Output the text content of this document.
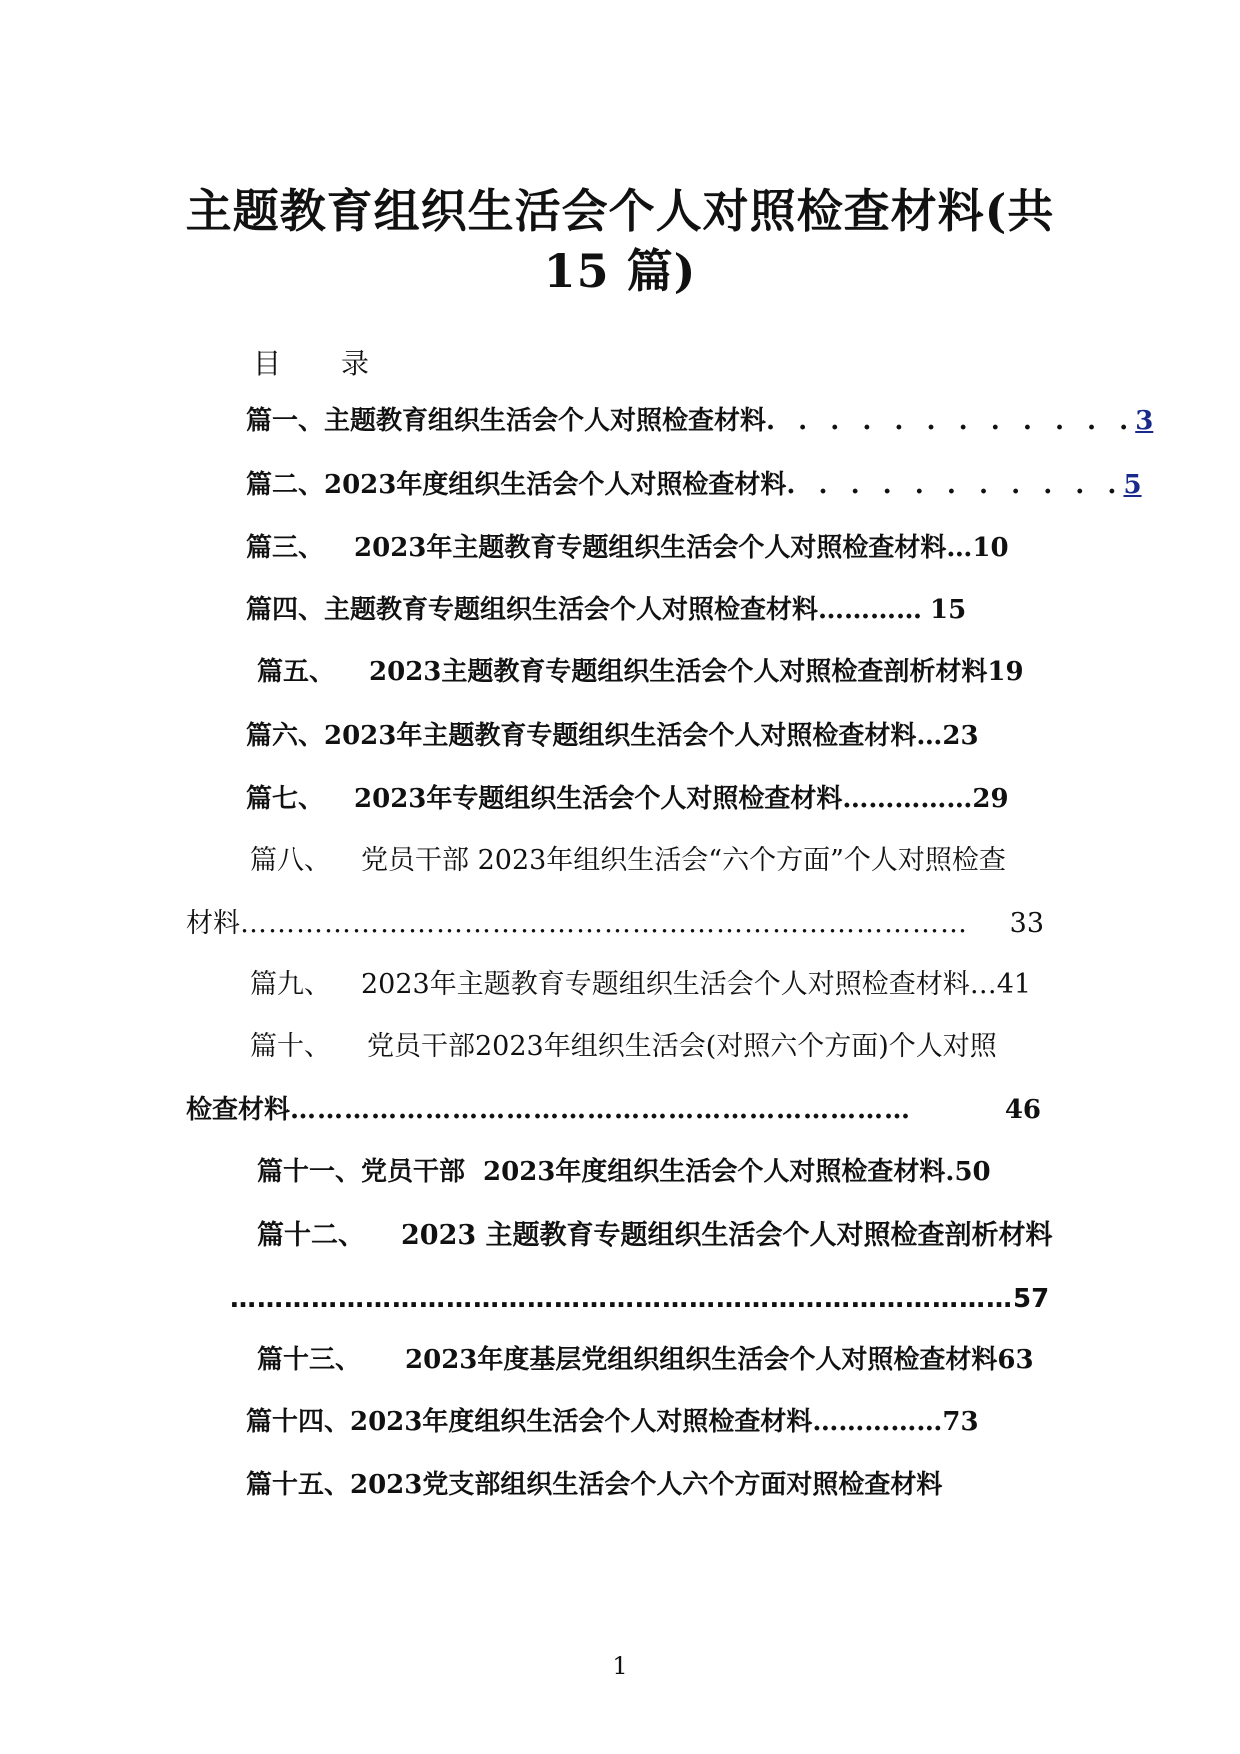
主题教育组织生活会个人对照检查材料(共
15 篇)
目 录
篇一、主题教育组织生活会个人对照检查材料 . . . . . . . . . . . . 3
篇二、2023年度组织生活会个人对照检查材料 . . . . . . . . . . . 5
篇三、 2023年主题教育专题组织生活会个人对照检查材料 … 10
篇四、主题教育专题组织生活会个人对照检查材料 ………… 15
篇五、 2023主题教育专题组织生活会个人对照检查剖析材料 19
篇六、2023年主题教育专题组织生活会个人对照检查材料 … 23
篇七、 2023年专题组织生活会个人对照检查材料 …………… 29
篇八、 党员干部 2023年组织生活会“六个方面”个人对照检查
材料 ……………………………………………………………………	33
篇九、 2023年主题教育专题组织生活会个人对照检查材料 … 41
篇十、 党员干部2023年组织生活会(对照六个方面)个人对照
检查材料 ……………………………………………………………	46
篇十一、党员干部 2023年度组织生活会个人对照检查材料. 50
篇十二、 2023 主题教育专题组织生活会个人对照检查剖析材料
…………………………………………………………………………… 57
篇十三、 2023年度基层党组织组织生活会个人对照检查材料 63
篇十四、2023年度组织生活会个人对照检查材料 …………… 73
篇十五、2023党支部组织生活会个人六个方面对照检查材料
1
